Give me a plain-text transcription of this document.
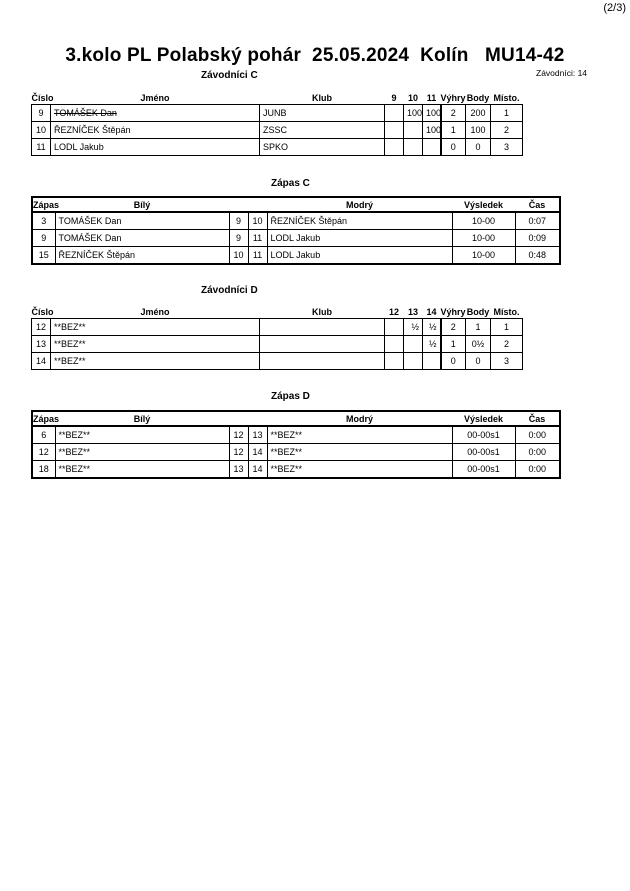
(2/3)
3.kolo PL Polabský pohár  25.05.2024  Kolín   MU14-42
Závodníci: 14
Závodníci C
Číslo	Jméno	Klub	9	10	11	Výhry	Body	Místo.
9	TOMÁŠEK Dan	JUNB		100	100	2	200	1
10	ŘEZNÍČEK Štěpán	ZSSC			100	1	100	2
11	LODL Jakub	SPKO				0	0	3
Zápas C
Zápas	Bílý			Modrý	Výsledek	Čas
3	TOMÁŠEK Dan	9	10	ŘEZNÍČEK Štěpán	10-00	0:07
9	TOMÁŠEK Dan	9	11	LODL Jakub	10-00	0:09
15	ŘEZNÍČEK Štěpán	10	11	LODL Jakub	10-00	0:48
Závodníci D
Číslo	Jméno	Klub	12	13	14	Výhry	Body	Místo.
12	**BEZ**			½	½	2	1	1
13	**BEZ**				½	1	0½	2
14	**BEZ**					0	0	3
Zápas D
Zápas	Bílý			Modrý	Výsledek	Čas
6	**BEZ**	12	13	**BEZ**	00-00s1	0:00
12	**BEZ**	12	14	**BEZ**	00-00s1	0:00
18	**BEZ**	13	14	**BEZ**	00-00s1	0:00
